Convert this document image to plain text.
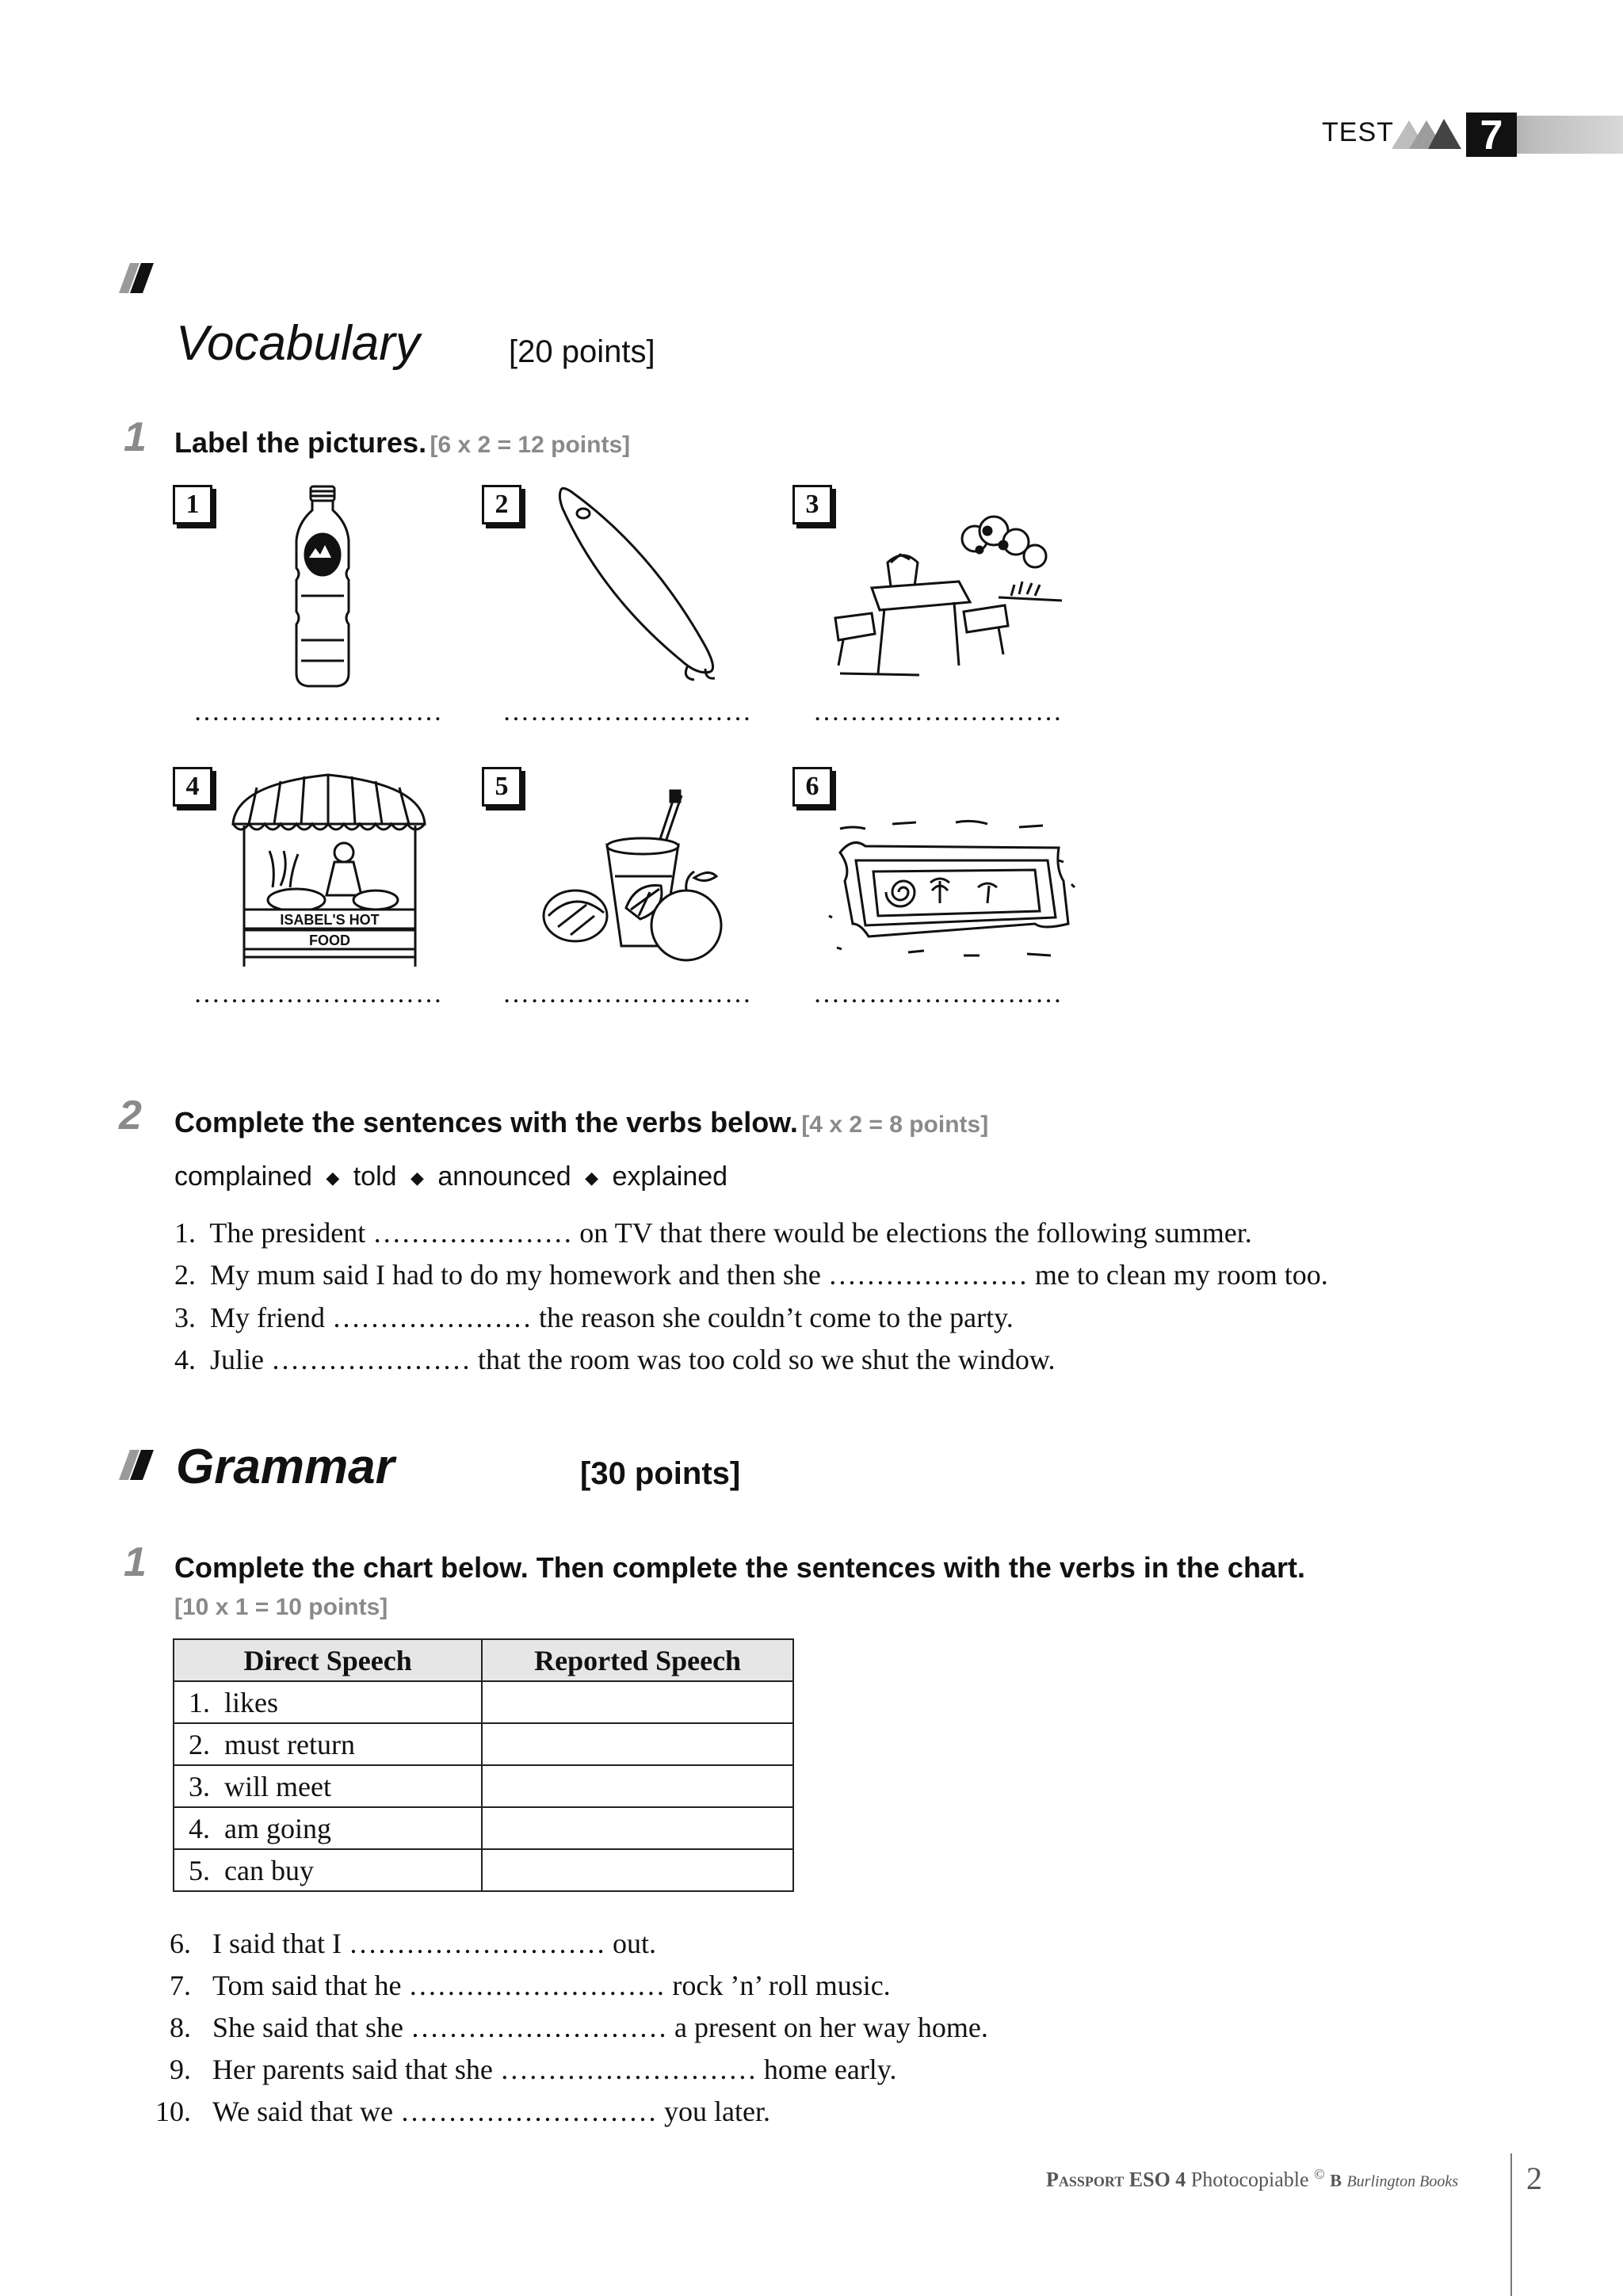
TEST	7
Vocabulary	[20 points]
1 Label the pictures. [6 x 2 = 12 points]
1	2	3
4	5	6
ISABEL'S HOT
FOOD
……………………… ……………………… ………………………
……………………… ……………………… ………………………
2 Complete the sentences with the verbs below. [4 x 2 = 8 points]
complained ◆ told ◆ announced ◆ explained
1.  The president ………………… on TV that there would be elections the following summer.
2.  My mum said I had to do my homework and then she ………………… me to clean my room too.
3.  My friend ………………… the reason she couldn’t come to the party.
4.  Julie ………………… that the room was too cold so we shut the window.
Grammar	[30 points]
1 Complete the chart below. Then complete the sentences with the verbs in the chart.
[10 x 1 = 10 points]
Direct Speech	Reported Speech
1.  likes	
2.  must return	
3.  will meet	
4.  am going	
5.  can buy	
6. I said that I ……………………… out.
7. Tom said that he ……………………… rock ’n’ roll music.
8. She said that she ……………………… a present on her way home.
9. Her parents said that she ……………………… home early.
10. We said that we ……………………… you later.
Passport ESO 4 Photocopiable © B Burlington Books 2
